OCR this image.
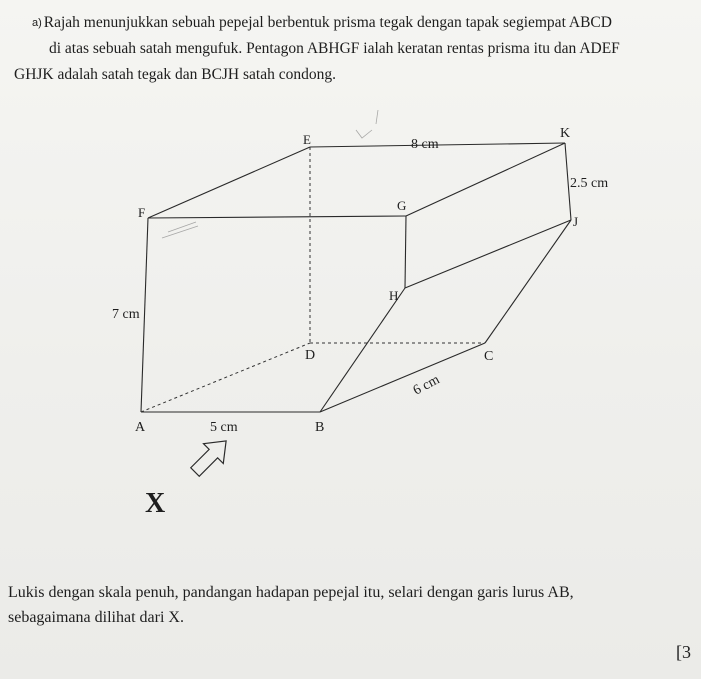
a) Rajah menunjukkan sebuah pepejal berbentuk prisma tegak dengan tapak segiempat ABCD
di atas sebuah satah mengufuk. Pentagon ABHGF ialah keratan rentas prisma itu dan ADEF
GHJK adalah satah tegak dan BCJH satah condong.
E	K
F	G
J
H
D	C
A	B
8 cm
2.5 cm
7 cm
5 cm
6 cm
X
Lukis dengan skala penuh, pandangan hadapan pepejal itu, selari dengan garis lurus AB,
sebagaimana dilihat dari X.
[3
